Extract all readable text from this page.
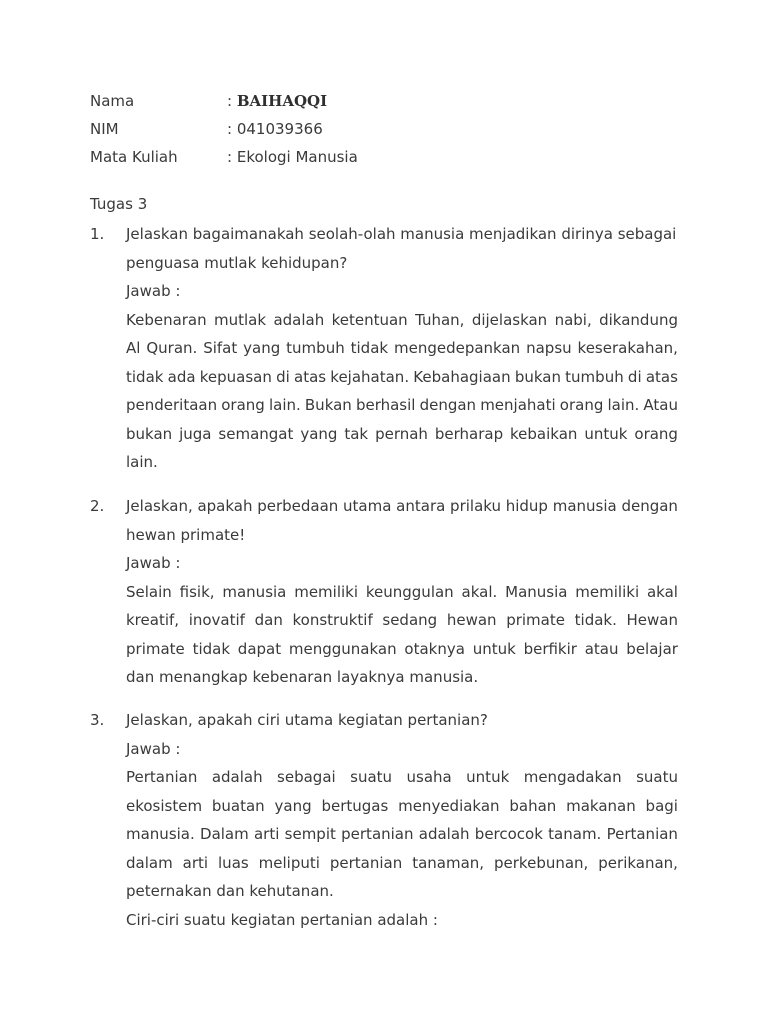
Nama	: BAIHAQQI
NIM	: 041039366
Mata Kuliah	: Ekologi Manusia
Tugas 3
1. Jelaskan bagaimanakah seolah-olah manusia menjadikan dirinya sebagai
penguasa mutlak kehidupan?
Jawab :
Kebenaran mutlak adalah ketentuan Tuhan, dijelaskan nabi, dikandung
Al Quran. Sifat yang tumbuh tidak mengedepankan napsu keserakahan,
tidak ada kepuasan di atas kejahatan. Kebahagiaan bukan tumbuh di atas
penderitaan orang lain. Bukan berhasil dengan menjahati orang lain. Atau
bukan juga semangat yang tak pernah berharap kebaikan untuk orang
lain.
2. Jelaskan, apakah perbedaan utama antara prilaku hidup manusia dengan
hewan primate!
Jawab :
Selain fisik, manusia memiliki keunggulan akal. Manusia memiliki akal
kreatif, inovatif dan konstruktif sedang hewan primate tidak. Hewan
primate tidak dapat menggunakan otaknya untuk berfikir atau belajar
dan menangkap kebenaran layaknya manusia.
3. Jelaskan, apakah ciri utama kegiatan pertanian?
Jawab :
Pertanian adalah sebagai suatu usaha untuk mengadakan suatu
ekosistem buatan yang bertugas menyediakan bahan makanan bagi
manusia. Dalam arti sempit pertanian adalah bercocok tanam. Pertanian
dalam arti luas meliputi pertanian tanaman, perkebunan, perikanan,
peternakan dan kehutanan.
Ciri-ciri suatu kegiatan pertanian adalah :
